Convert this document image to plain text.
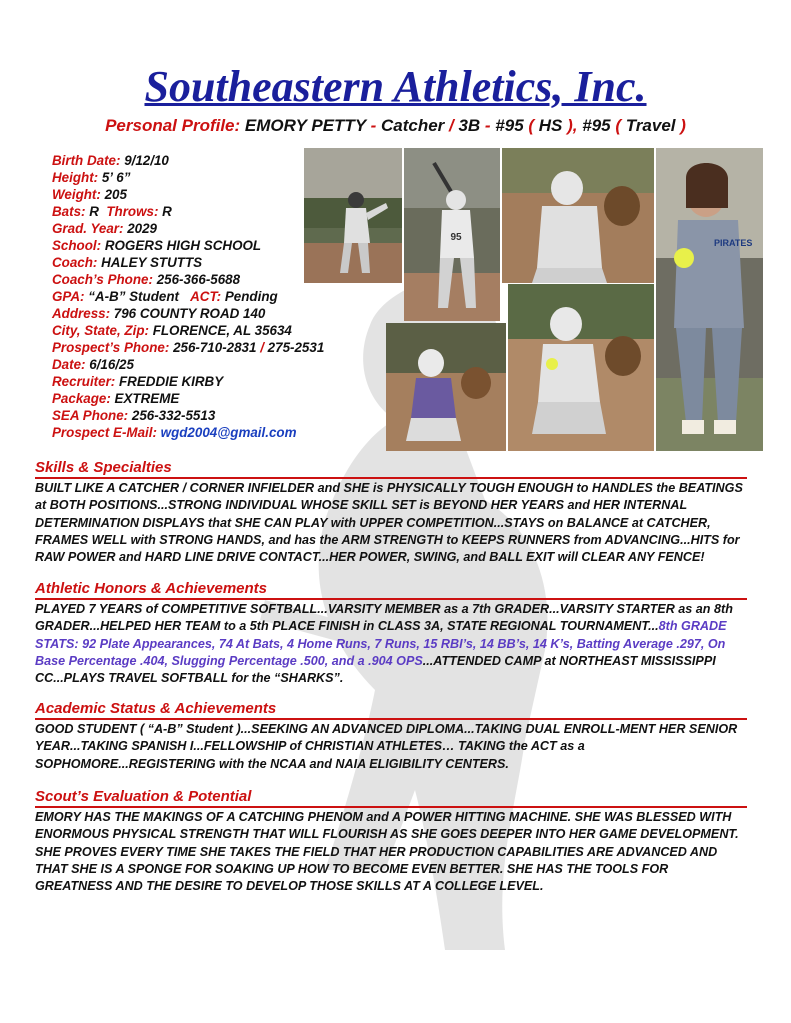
Southeastern Athletics, Inc.
Personal Profile: EMORY PETTY - Catcher / 3B - #95 ( HS ), #95 ( Travel )
Birth Date: 9/12/10
Height: 5’ 6”
Weight: 205
Bats: R Throws: R
Grad. Year: 2029
School: ROGERS HIGH SCHOOL
Coach: HALEY STUTTS
Coach’s Phone: 256-366-5688
GPA: “A-B” Student ACT: Pending
Address: 796 COUNTY ROAD 140
City, State, Zip: FLORENCE, AL 35634
Prospect’s Phone: 256-710-2831 / 275-2531
Date: 6/16/25
Recruiter: FREDDIE KIRBY
Package: EXTREME
SEA Phone: 256-332-5513
Prospect E-Mail: wgd2004@gmail.com
95	PIRATES
Skills & Specialties
BUILT LIKE A CATCHER / CORNER INFIELDER and SHE is PHYSICALLY TOUGH ENOUGH to HANDLES the BEATINGS at BOTH POSITIONS...STRONG INDIVIDUAL WHOSE SKILL SET is BEYOND HER YEARS and HER INTERNAL DETERMINATION DISPLAYS that SHE CAN PLAY with UPPER COMPETITION...STAYS on BALANCE at CATCHER, FRAMES WELL with STRONG HANDS, and has the ARM STRENGTH to KEEPS RUNNERS from ADVANCING...HITS for RAW POWER and HARD LINE DRIVE CONTACT...HER POWER, SWING, and BALL EXIT will CLEAR ANY FENCE!
Athletic Honors & Achievements
PLAYED 7 YEARS of COMPETITIVE SOFTBALL...VARSITY MEMBER as a 7th GRADER...VARSITY STARTER as an 8th GRADER...HELPED HER TEAM to a 5th PLACE FINISH in CLASS 3A, STATE REGIONAL TOURNAMENT...8th GRADE STATS: 92 Plate Appearances, 74 At Bats, 4 Home Runs, 7 Runs, 15 RBI’s, 14 BB’s, 14 K’s, Batting Average .297, On Base Percentage .404, Slugging Percentage .500, and a .904 OPS...ATTENDED CAMP at NORTHEAST MISSISSIPPI CC...PLAYS TRAVEL SOFTBALL for the “SHARKS”.
Academic Status & Achievements
GOOD STUDENT ( “A-B” Student )...SEEKING AN ADVANCED DIPLOMA...TAKING DUAL ENROLL-MENT HER SENIOR YEAR...TAKING SPANISH I...FELLOWSHIP of CHRISTIAN ATHLETES… TAKING the ACT as a SOPHOMORE...REGISTERING with the NCAA and NAIA ELIGIBILITY CENTERS.
Scout’s Evaluation & Potential
EMORY HAS THE MAKINGS OF A CATCHING PHENOM and A POWER HITTING MACHINE. SHE WAS BLESSED WITH ENORMOUS PHYSICAL STRENGTH THAT WILL FLOURISH AS SHE GOES DEEPER INTO HER GAME DEVELOPMENT. SHE PROVES EVERY TIME SHE TAKES THE FIELD THAT HER PRODUCTION CAPABILITIES ARE ADVANCED AND THAT SHE IS A SPONGE FOR SOAKING UP HOW TO BECOME EVEN BETTER. SHE HAS THE TOOLS FOR GREATNESS AND THE DESIRE TO DEVELOP THOSE SKILLS AT A COLLEGE LEVEL.
